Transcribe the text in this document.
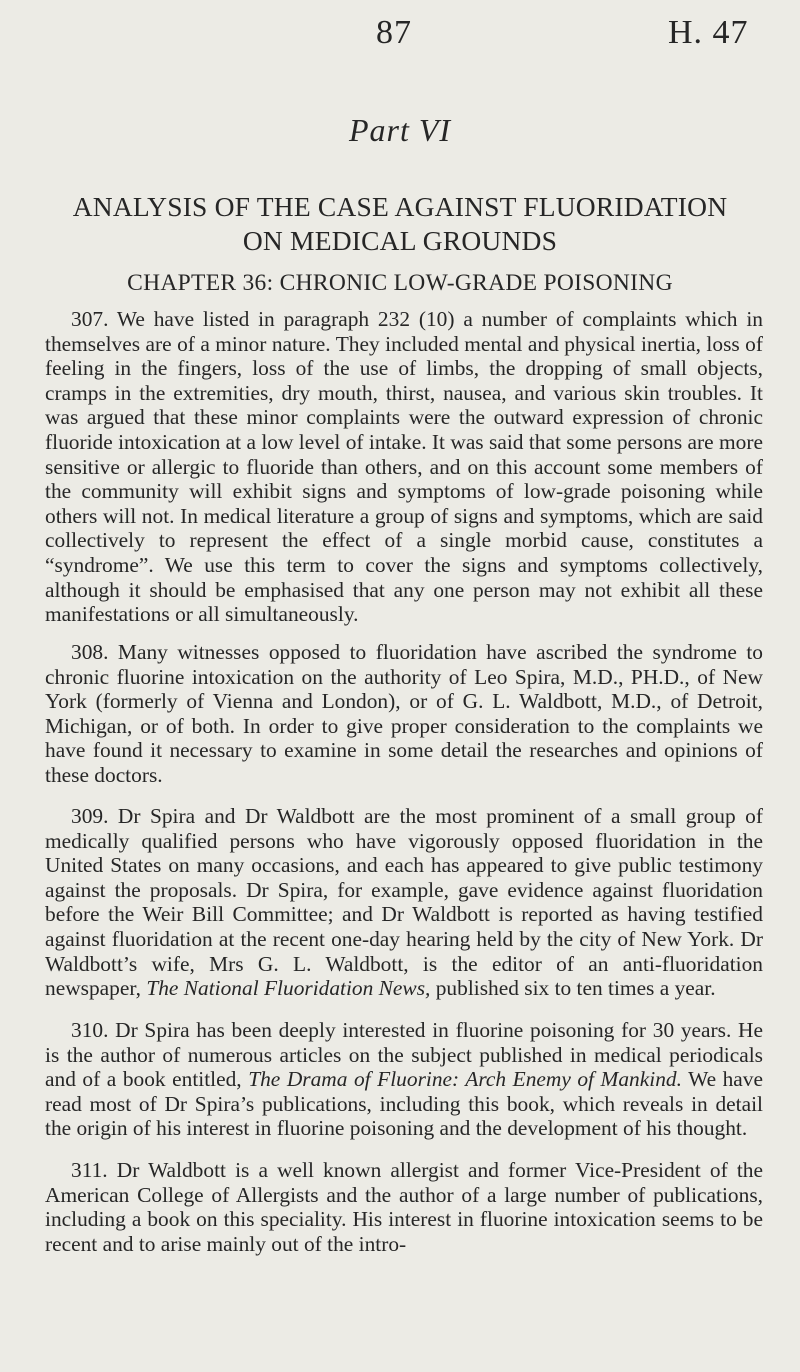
87	H. 47
Part VI
ANALYSIS OF THE CASE AGAINST FLUORIDATION
ON MEDICAL GROUNDS
CHAPTER 36: CHRONIC LOW-GRADE POISONING

307. We have listed in paragraph 232 (10) a number of complaints which in themselves are of a minor nature. They included mental and physical inertia, loss of feeling in the fingers, loss of the use of limbs, the dropping of small objects, cramps in the extremities, dry mouth, thirst, nausea, and various skin troubles. It was argued that these minor complaints were the outward expression of chronic fluoride intoxication at a low level of intake. It was said that some persons are more sensitive or allergic to fluoride than others, and on this account some members of the community will exhibit signs and symptoms of low-grade poisoning while others will not. In medical literature a group of signs and symptoms, which are said collectively to represent the effect of a single morbid cause, constitutes a “syndrome”. We use this term to cover the signs and symptoms collectively, although it should be emphasised that any one person may not exhibit all these manifestations or all simultaneously.

308. Many witnesses opposed to fluoridation have ascribed the syndrome to chronic fluorine intoxication on the authority of Leo Spira, M.D., PH.D., of New York (formerly of Vienna and London), or of G. L. Waldbott, M.D., of Detroit, Michigan, or of both. In order to give proper consideration to the complaints we have found it necessary to examine in some detail the researches and opinions of these doctors.

309. Dr Spira and Dr Waldbott are the most prominent of a small group of medically qualified persons who have vigorously opposed fluoridation in the United States on many occasions, and each has appeared to give public testimony against the proposals. Dr Spira, for example, gave evidence against fluoridation before the Weir Bill Committee; and Dr Waldbott is reported as having testified against fluoridation at the recent one-day hearing held by the city of New York. Dr Waldbott’s wife, Mrs G. L. Waldbott, is the editor of an anti-fluoridation newspaper, The National Fluoridation News, published six to ten times a year.

310. Dr Spira has been deeply interested in fluorine poisoning for 30 years. He is the author of numerous articles on the subject published in medical periodicals and of a book entitled, The Drama of Fluorine: Arch Enemy of Mankind. We have read most of Dr Spira’s publications, including this book, which reveals in detail the origin of his interest in fluorine poisoning and the development of his thought.

311. Dr Waldbott is a well known allergist and former Vice-President of the American College of Allergists and the author of a large number of publications, including a book on this speciality. His interest in fluorine intoxication seems to be recent and to arise mainly out of the intro-
